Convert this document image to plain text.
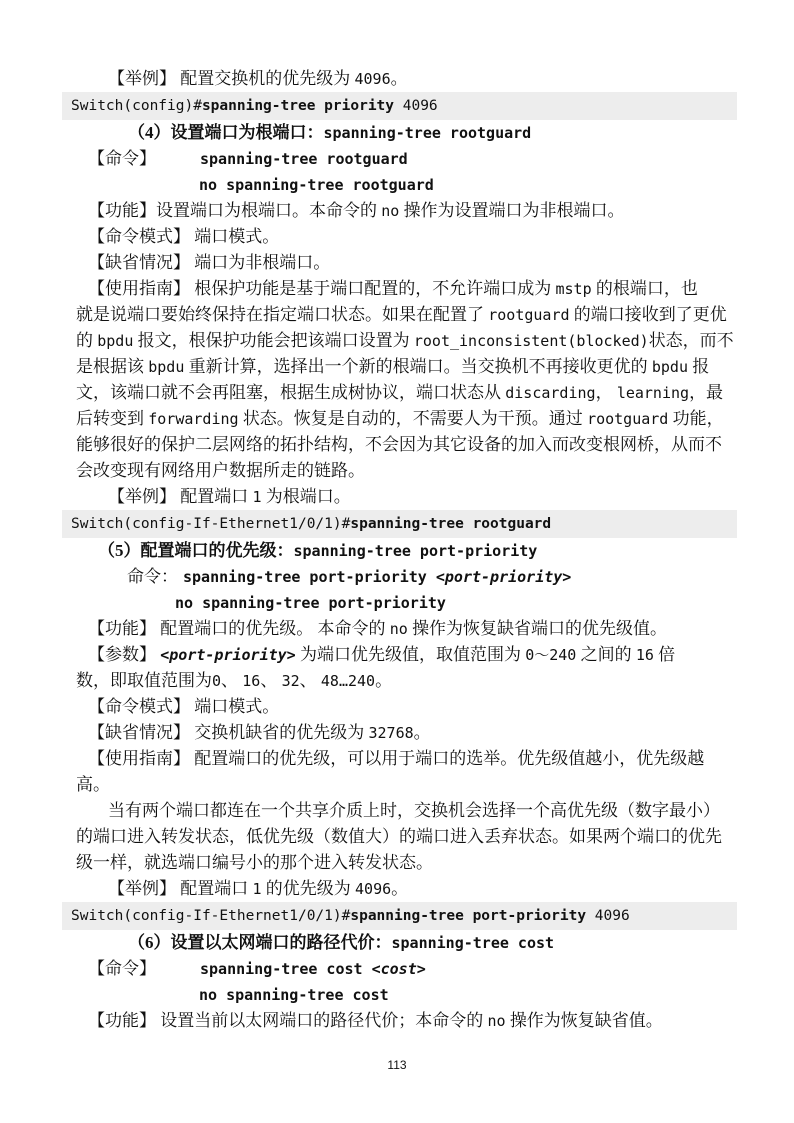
【举例】 配置交换机的优先级为 4096。
Switch(config)#spanning-tree priority 4096
（4）设置端口为根端口：spanning-tree rootguard
【命令】	spanning-tree rootguard
no spanning-tree rootguard
【功能】设置端口为根端口。本命令的 no 操作为设置端口为非根端口。
【命令模式】 端口模式。
【缺省情况】 端口为非根端口。
【使用指南】 根保护功能是基于端口配置的，不允许端口成为 mstp 的根端口，也
就是说端口要始终保持在指定端口状态。如果在配置了 rootguard 的端口接收到了更优
的 bpdu 报文，根保护功能会把该端口设置为 root_inconsistent(blocked)状态，而不
是根据该 bpdu 重新计算，选择出一个新的根端口。当交换机不再接收更优的 bpdu 报
文，该端口就不会再阻塞，根据生成树协议，端口状态从 discarding， learning，最
后转变到 forwarding 状态。恢复是自动的，不需要人为干预。通过 rootguard 功能，
能够很好的保护二层网络的拓扑结构，不会因为其它设备的加入而改变根网桥，从而不
会改变现有网络用户数据所走的链路。
【举例】 配置端口 1 为根端口。
Switch(config-If-Ethernet1/0/1)#spanning-tree rootguard
（5）配置端口的优先级：spanning-tree port-priority
命令： spanning-tree port-priority <port-priority>
no spanning-tree port-priority
【功能】 配置端口的优先级。 本命令的 no 操作为恢复缺省端口的优先级值。
【参数】 <port-priority> 为端口优先级值，取值范围为 0～240 之间的 16 倍
数，即取值范围为0、 16、 32、 48…240。
【命令模式】 端口模式。
【缺省情况】 交换机缺省的优先级为 32768。
【使用指南】 配置端口的优先级，可以用于端口的选举。优先级值越小，优先级越
高。
当有两个端口都连在一个共享介质上时，交换机会选择一个高优先级（数字最小）
的端口进入转发状态，低优先级（数值大）的端口进入丢弃状态。如果两个端口的优先
级一样，就选端口编号小的那个进入转发状态。
【举例】 配置端口 1 的优先级为 4096。
Switch(config-If-Ethernet1/0/1)#spanning-tree port-priority 4096
（6）设置以太网端口的路径代价：spanning-tree cost
【命令】	spanning-tree cost <cost>
no spanning-tree cost
【功能】 设置当前以太网端口的路径代价；本命令的 no 操作为恢复缺省值。
113
